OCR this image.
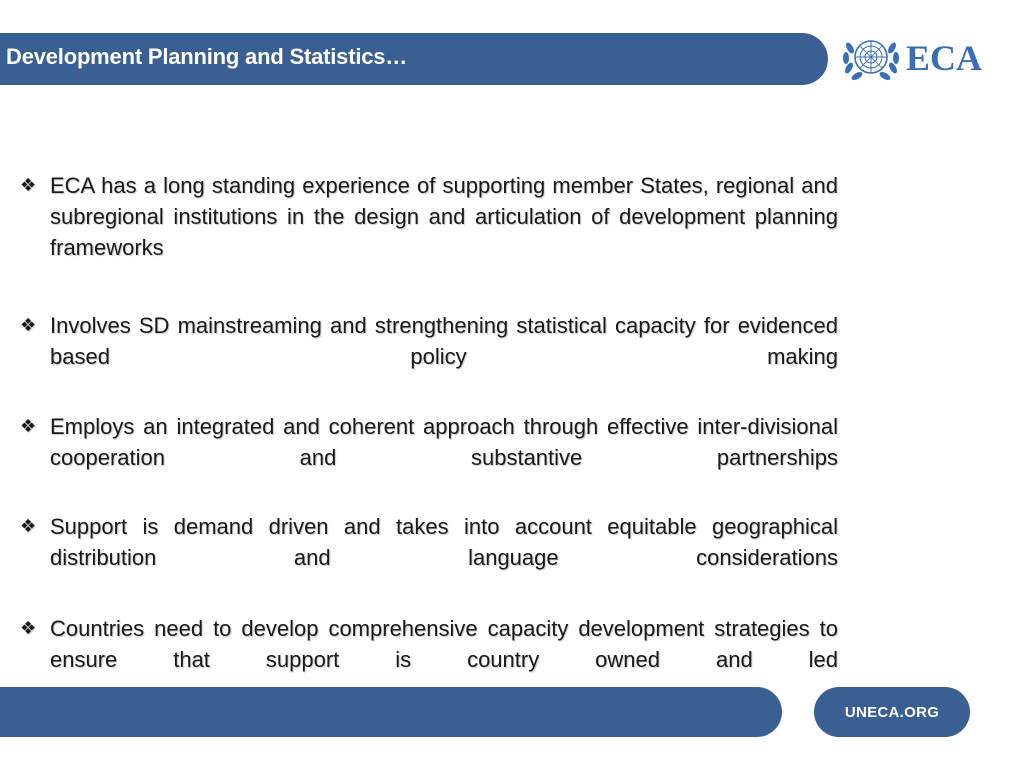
Development Planning and Statistics…	ECA
❖ ECA has a long standing experience of supporting member States, regional and subregional institutions in the design and articulation of development planning frameworks
❖ Involves SD mainstreaming and strengthening statistical capacity for evidenced based policy making
❖ Employs an integrated and coherent approach through effective inter-divisional cooperation and substantive partnerships
❖ Support is demand driven and takes into account equitable geographical distribution and language considerations
❖ Countries need to develop comprehensive capacity development strategies to ensure that support is country owned and led
UNECA.ORG
